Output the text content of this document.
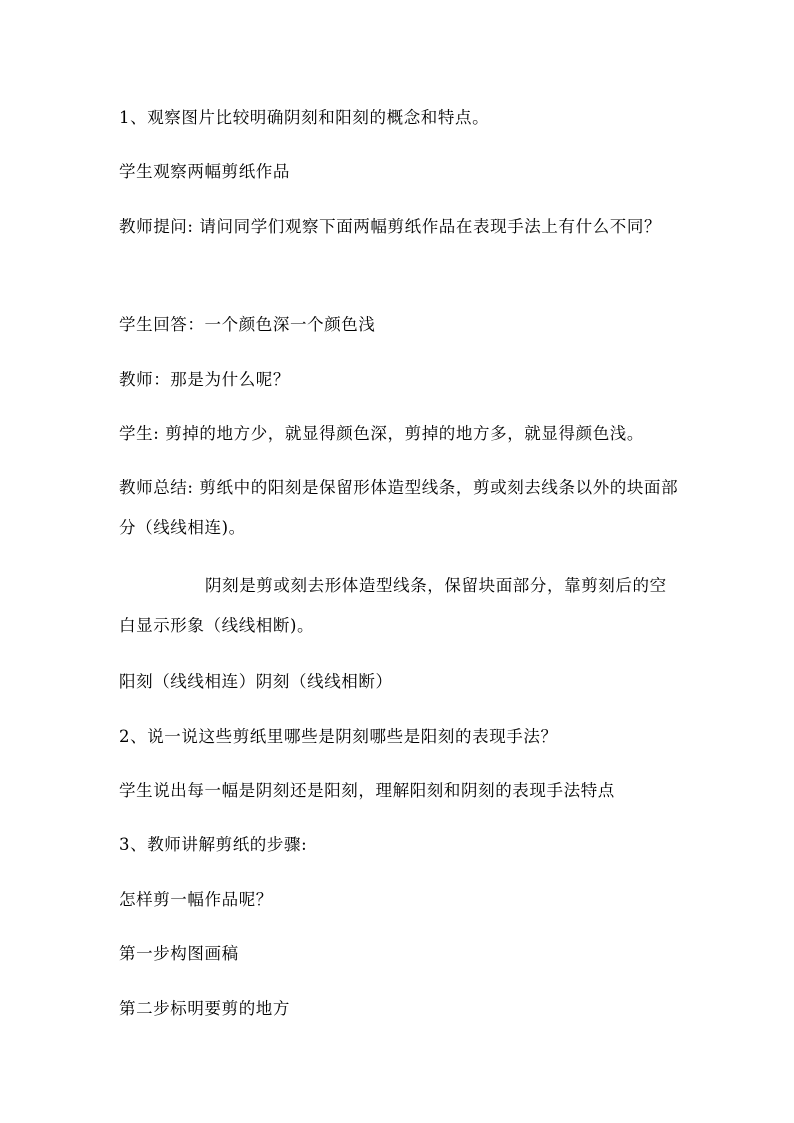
1、观察图片比较明确阴刻和阳刻的概念和特点。

学生观察两幅剪纸作品

教师提问: 请问同学们观察下面两幅剪纸作品在表现手法上有什么不同？

学生回答：一个颜色深一个颜色浅

教师：那是为什么呢？

学生: 剪掉的地方少，就显得颜色深，剪掉的地方多，就显得颜色浅。

教师总结: 剪纸中的阳刻是保留形体造型线条，剪或刻去线条以外的块面部分（线线相连)。

阴刻是剪或刻去形体造型线条，保留块面部分，靠剪刻后的空白显示形象（线线相断)。

阳刻（线线相连）阴刻（线线相断）

2、说一说这些剪纸里哪些是阴刻哪些是阳刻的表现手法？

学生说出每一幅是阴刻还是阳刻，理解阳刻和阴刻的表现手法特点

3、教师讲解剪纸的步骤:

怎样剪一幅作品呢？

第一步构图画稿

第二步标明要剪的地方
